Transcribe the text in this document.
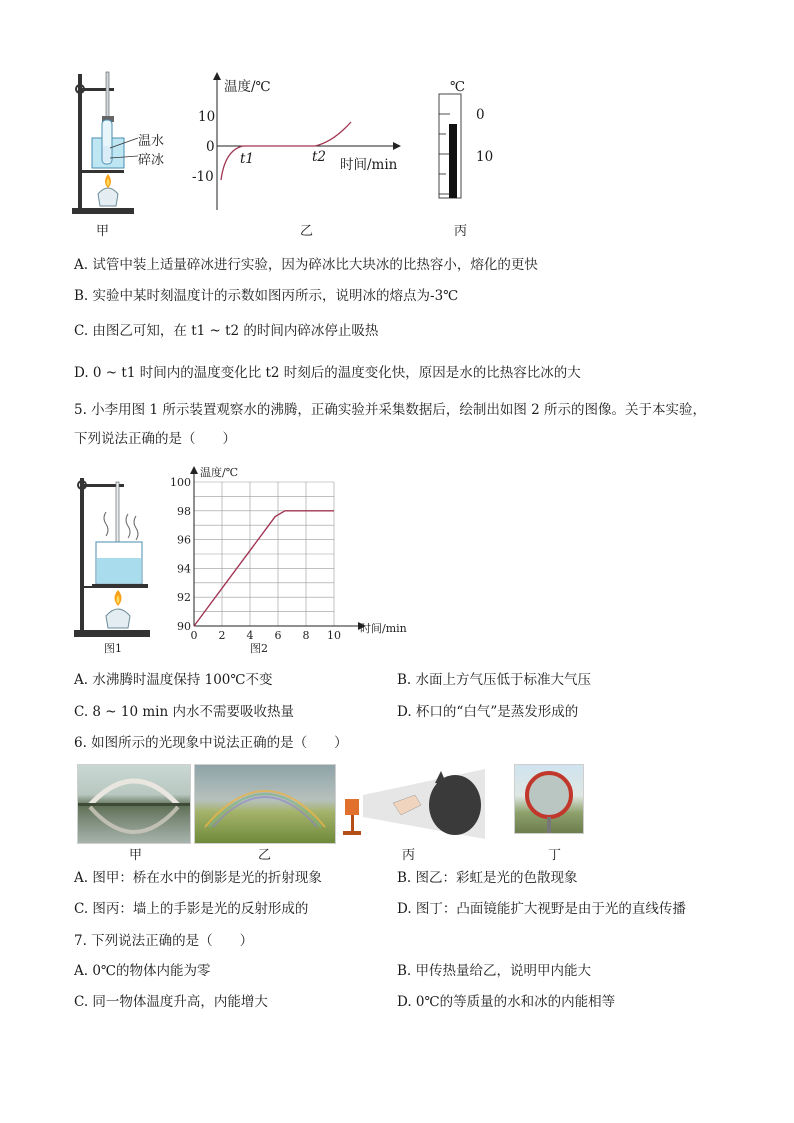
温水
碎冰
甲
温度/℃
10
0
-10
t1	t2 时间/min
乙
℃
0
10
丙
A. 试管中装上适量碎冰进行实验，因为碎冰比大块冰的比热容小，熔化的更快
B. 实验中某时刻温度计的示数如图丙所示，说明冰的熔点为-3℃
C. 由图乙可知，在 t1 ~ t2 的时间内碎冰停止吸热
D. 0 ~ t1 时间内的温度变化比 t2 时刻后的温度变化快，原因是水的比热容比冰的大
5. 小李用图 1 所示装置观察水的沸腾，正确实验并采集数据后，绘制出如图 2 所示的图像。关于本实验，
下列说法正确的是（　　）
图1
0 2 4 6 8 10
90
92
94
96
98
100
温度/℃
时间/min
图2
A. 水沸腾时温度保持 100℃不变	B. 水面上方气压低于标准大气压
C. 8 ~ 10 min 内水不需要吸收热量	D. 杯口的“白气”是蒸发形成的
6. 如图所示的光现象中说法正确的是（　　）
甲	乙	丙	丁
A. 图甲：桥在水中的倒影是光的折射现象	B. 图乙：彩虹是光的色散现象
C. 图丙：墙上的手影是光的反射形成的	D. 图丁：凸面镜能扩大视野是由于光的直线传播
7. 下列说法正确的是（　　）
A. 0℃的物体内能为零	B. 甲传热量给乙，说明甲内能大
C. 同一物体温度升高，内能增大	D. 0℃的等质量的水和冰的内能相等
